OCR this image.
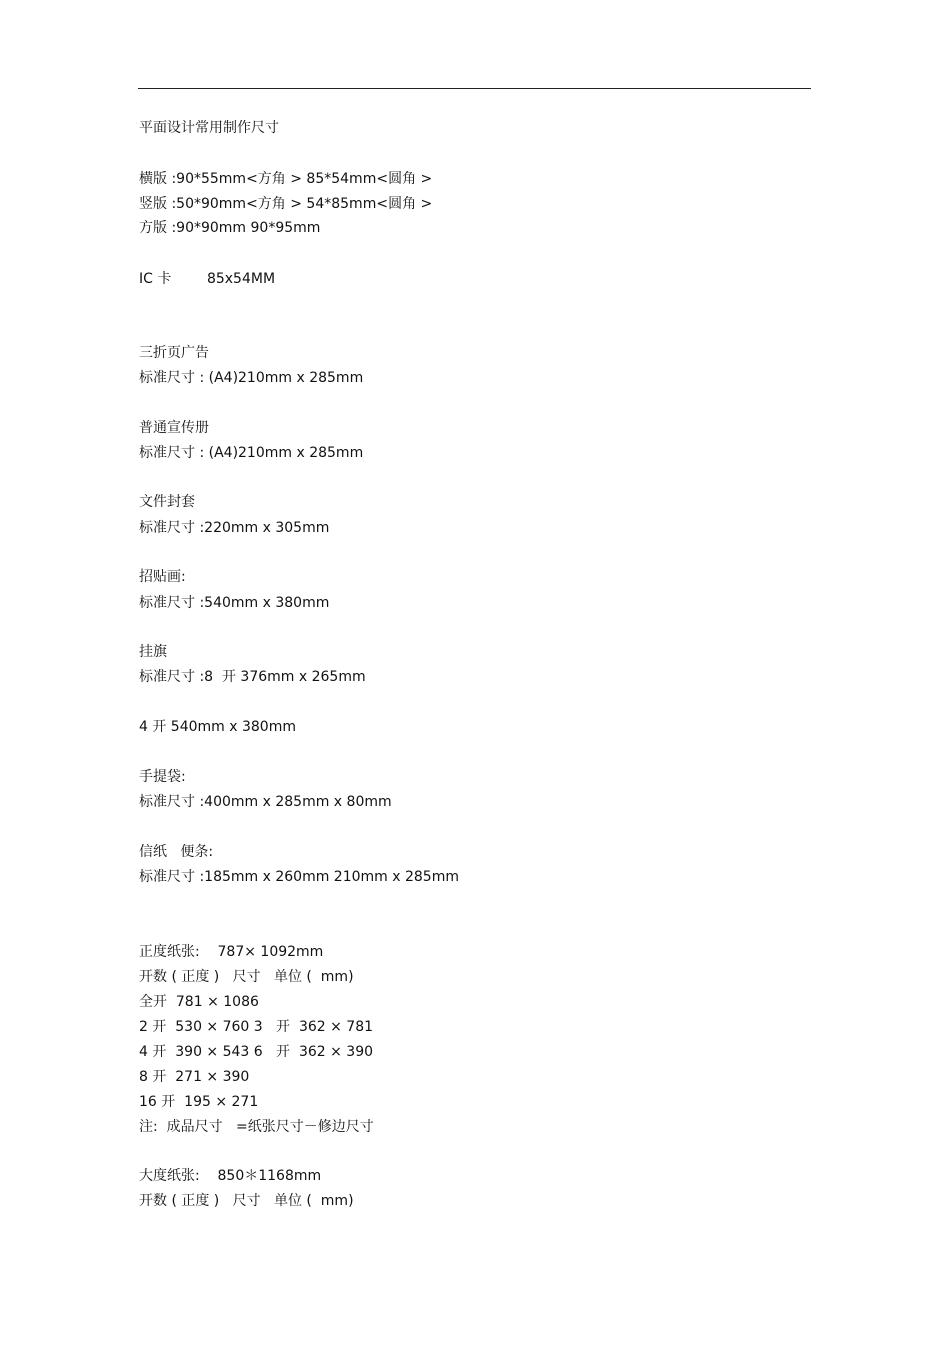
平面设计常用制作尺寸
横版 :90*55mm<方角 > 85*54mm<圆角 >
竖版 :50*90mm<方角 > 54*85mm<圆角 >
方版 :90*90mm 90*95mm
IC 卡        85x54MM
三折页广告
标准尺寸 : (A4)210mm x 285mm
普通宣传册
标准尺寸 : (A4)210mm x 285mm
文件封套
标准尺寸 :220mm x 305mm
招贴画:
标准尺寸 :540mm x 380mm
挂旗
标准尺寸 :8  开 376mm x 265mm
4 开 540mm x 380mm
手提袋:
标准尺寸 :400mm x 285mm x 80mm
信纸   便条:
标准尺寸 :185mm x 260mm 210mm x 285mm
正度纸张:    787× 1092mm
开数 ( 正度 )   尺寸   单位 (  mm)
全开  781 × 1086
2 开  530 × 760 3   开  362 × 781
4 开  390 × 543 6   开  362 × 390
8 开  271 × 390
16 开  195 × 271
注:  成品尺寸   =纸张尺寸－修边尺寸
大度纸张:    850＊1168mm
开数 ( 正度 )   尺寸   单位 (  mm)
